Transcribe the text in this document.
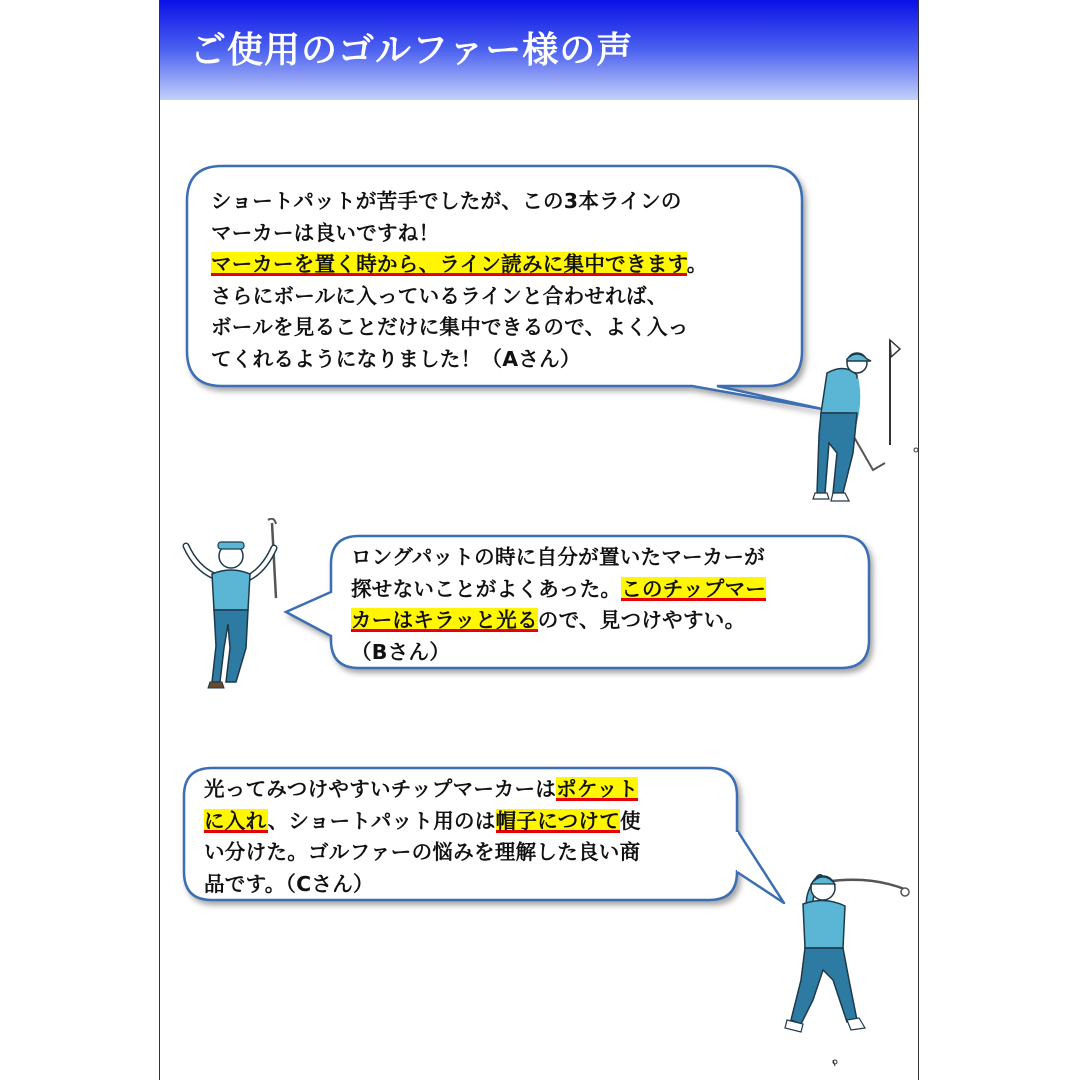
ご使用のゴルファー様の声
ショートパットが苦手でしたが、この3本ラインの
マーカーは良いですね！
マーカーを置く時から、ライン読みに集中できます。
さらにボールに入っているラインと合わせれば、
ボールを見ることだけに集中できるので、よく入っ
てくれるようになりました！（Aさん）
ロングパットの時に自分が置いたマーカーが
探せないことがよくあった。このチップマー
カーはキラッと光るので、見つけやすい。
（Bさん）
光ってみつけやすいチップマーカーはポケット
に入れ、ショートパット用のは帽子につけて使
い分けた。ゴルファーの悩みを理解した良い商
品です。（Cさん）
